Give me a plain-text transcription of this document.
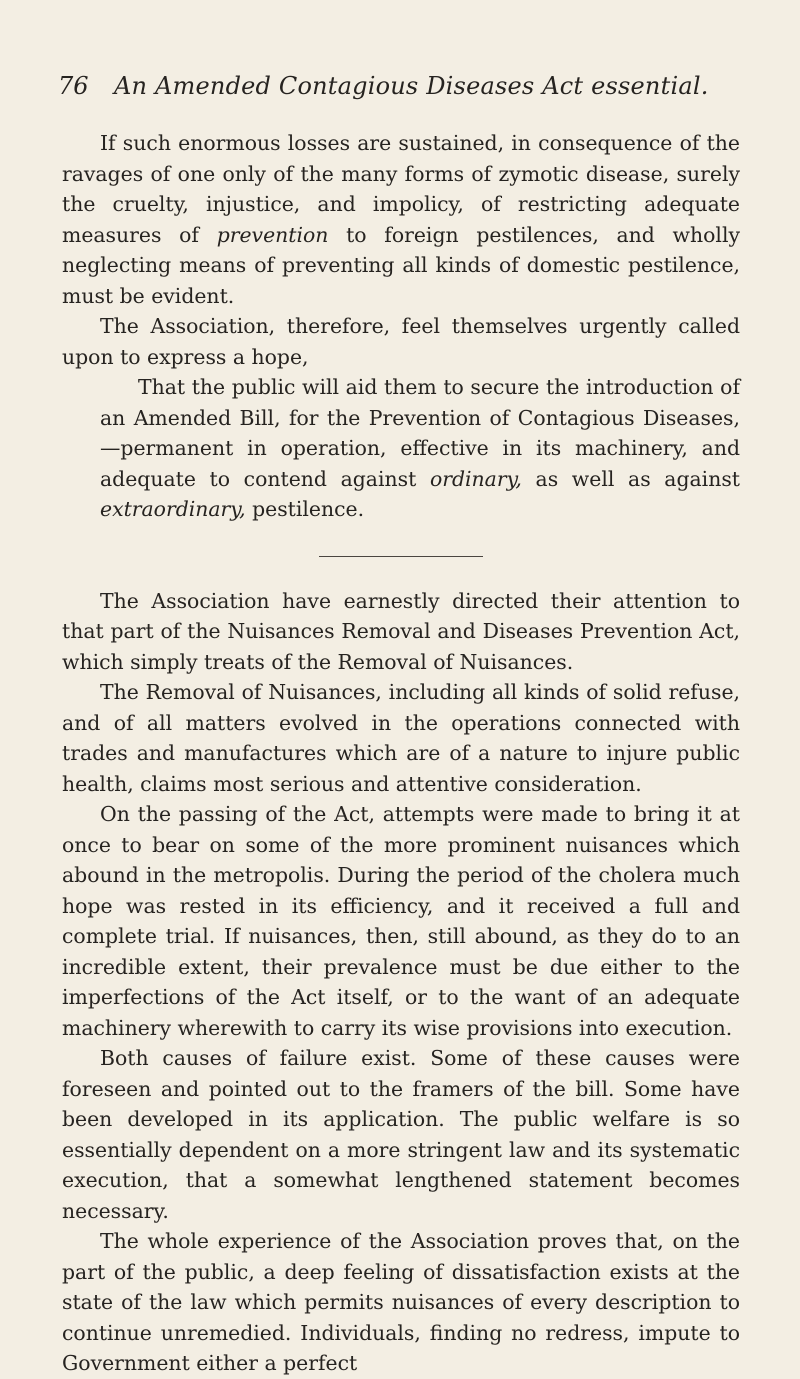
76 An Amended Contagious Diseases Act essential.

If such enormous losses are sustained, in consequence of the ravages of one only of the many forms of zymotic disease, surely the cruelty, injustice, and impolicy, of restricting adequate measures of prevention to foreign pestilences, and wholly neglecting means of preventing all kinds of domestic pestilence, must be evident.

The Association, therefore, feel themselves urgently called upon to express a hope,

That the public will aid them to secure the introduction of an Amended Bill, for the Prevention of Contagious Diseases, —permanent in operation, effective in its machinery, and adequate to contend against ordinary, as well as against extraordinary, pestilence.

The Association have earnestly directed their attention to that part of the Nuisances Removal and Diseases Prevention Act, which simply treats of the Removal of Nuisances.

The Removal of Nuisances, including all kinds of solid refuse, and of all matters evolved in the operations connected with trades and manufactures which are of a nature to injure public health, claims most serious and attentive consideration.

On the passing of the Act, attempts were made to bring it at once to bear on some of the more prominent nuisances which abound in the metropolis. During the period of the cholera much hope was rested in its efficiency, and it received a full and complete trial. If nuisances, then, still abound, as they do to an incredible extent, their prevalence must be due either to the imperfections of the Act itself, or to the want of an adequate machinery wherewith to carry its wise provisions into execution.

Both causes of failure exist. Some of these causes were foreseen and pointed out to the framers of the bill. Some have been developed in its application. The public welfare is so essentially dependent on a more stringent law and its systematic execution, that a somewhat lengthened statement becomes necessary.

The whole experience of the Association proves that, on the part of the public, a deep feeling of dissatisfaction exists at the state of the law which permits nuisances of every description to continue unremedied. Individuals, finding no redress, impute to Government either a perfect
